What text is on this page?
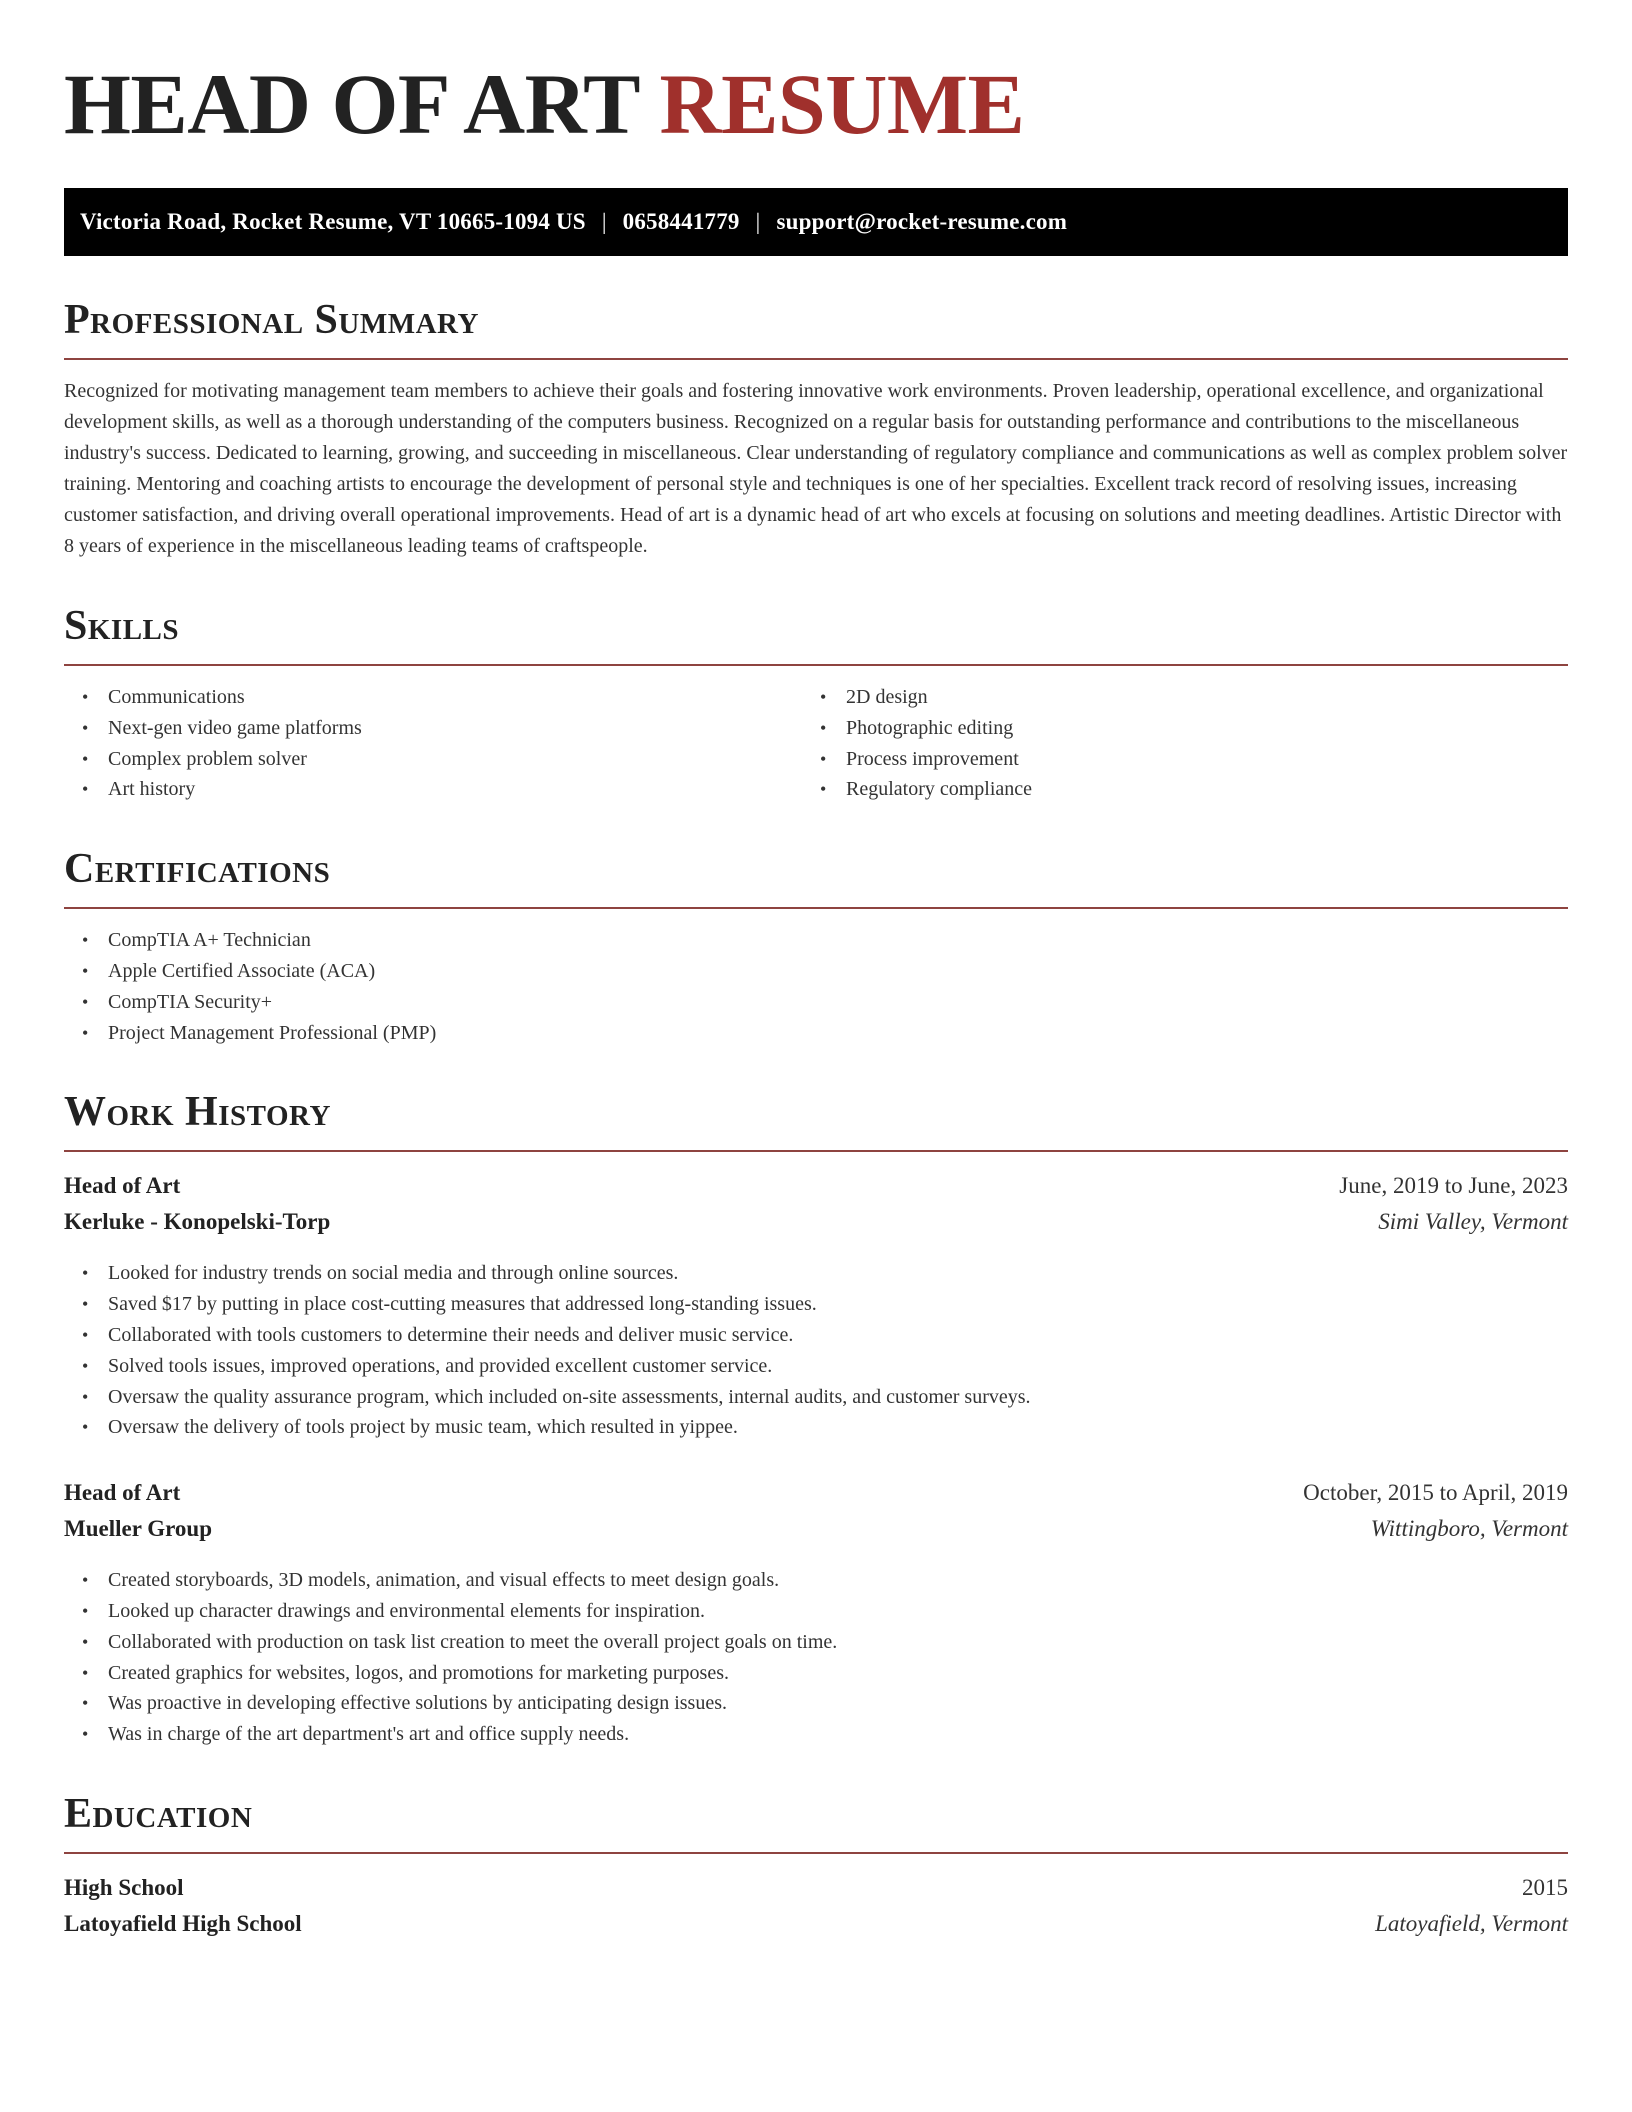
HEAD OF ART RESUME
Victoria Road, Rocket Resume, VT 10665-1094 US | 0658441779 | support@rocket-resume.com
Professional Summary

Recognized for motivating management team members to achieve their goals and fostering innovative work environments. Proven leadership, operational excellence, and organizational development skills, as well as a thorough understanding of the computers business. Recognized on a regular basis for outstanding performance and contributions to the miscellaneous industry's success. Dedicated to learning, growing, and succeeding in miscellaneous. Clear understanding of regulatory compliance and communications as well as complex problem solver training. Mentoring and coaching artists to encourage the development of personal style and techniques is one of her specialties. Excellent track record of resolving issues, increasing customer satisfaction, and driving overall operational improvements. Head of art is a dynamic head of art who excels at focusing on solutions and meeting deadlines. Artistic Director with 8 years of experience in the miscellaneous leading teams of craftspeople.

Skills
• Communications
• Next-gen video game platforms
• Complex problem solver
• Art history
• 2D design
• Photographic editing
• Process improvement
• Regulatory compliance
Certifications
• CompTIA A+ Technician
• Apple Certified Associate (ACA)
• CompTIA Security+
• Project Management Professional (PMP)
Work History
Head of Art	June, 2019 to June, 2023
Kerluke - Konopelski-Torp	Simi Valley, Vermont
• Looked for industry trends on social media and through online sources.
• Saved $17 by putting in place cost-cutting measures that addressed long-standing issues.
• Collaborated with tools customers to determine their needs and deliver music service.
• Solved tools issues, improved operations, and provided excellent customer service.
• Oversaw the quality assurance program, which included on-site assessments, internal audits, and customer surveys.
• Oversaw the delivery of tools project by music team, which resulted in yippee.
Head of Art	October, 2015 to April, 2019
Mueller Group	Wittingboro, Vermont
• Created storyboards, 3D models, animation, and visual effects to meet design goals.
• Looked up character drawings and environmental elements for inspiration.
• Collaborated with production on task list creation to meet the overall project goals on time.
• Created graphics for websites, logos, and promotions for marketing purposes.
• Was proactive in developing effective solutions by anticipating design issues.
• Was in charge of the art department's art and office supply needs.
Education
High School	2015
Latoyafield High School	Latoyafield, Vermont
